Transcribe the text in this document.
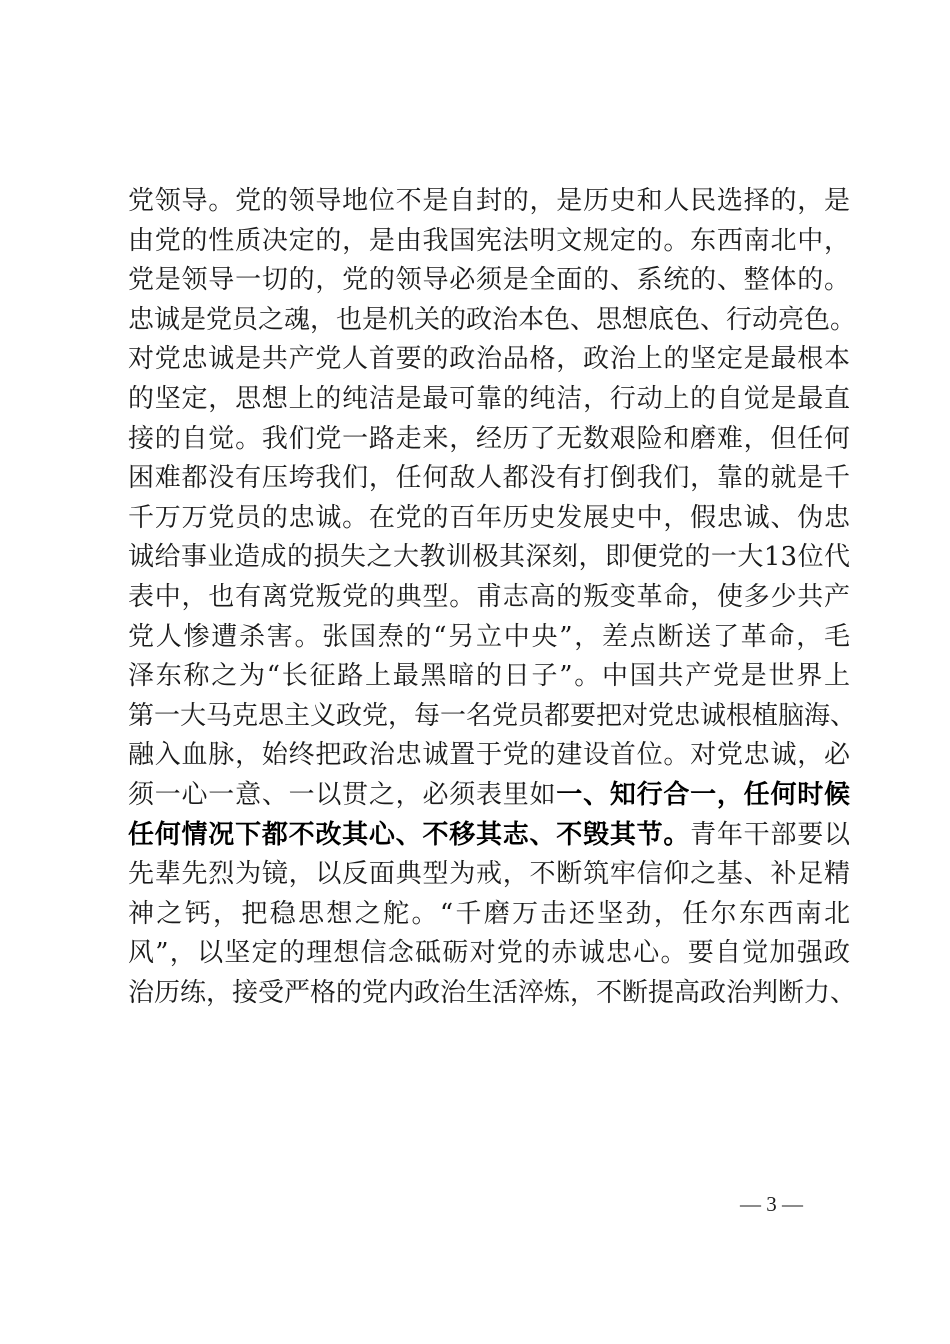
党领导。党的领导地位不是自封的，是历史和人民选择的，是
由党的性质决定的，是由我国宪法明文规定的。东西南北中，
党是领导一切的，党的领导必须是全面的、系统的、整体的。
忠诚是党员之魂，也是机关的政治本色、思想底色、行动亮色。
对党忠诚是共产党人首要的政治品格，政治上的坚定是最根本
的坚定，思想上的纯洁是最可靠的纯洁，行动上的自觉是最直
接的自觉。我们党一路走来，经历了无数艰险和磨难，但任何
困难都没有压垮我们，任何敌人都没有打倒我们，靠的就是千
千万万党员的忠诚。在党的百年历史发展史中，假忠诚、伪忠
诚给事业造成的损失之大教训极其深刻，即便党的一大13位代
表中，也有离党叛党的典型。甫志高的叛变革命，使多少共产
党人惨遭杀害。张国焘的“另立中央”，差点断送了革命，毛
泽东称之为“长征路上最黑暗的日子”。中国共产党是世界上
第一大马克思主义政党，每一名党员都要把对党忠诚根植脑海、
融入血脉，始终把政治忠诚置于党的建设首位。对党忠诚，必
须一心一意、一以贯之，必须表里如一、知行合一，任何时候
任何情况下都不改其心、不移其志、不毁其节。青年干部要以
先辈先烈为镜，以反面典型为戒，不断筑牢信仰之基、补足精
神之钙，把稳思想之舵。“千磨万击还坚劲，任尔东西南北
风”，以坚定的理想信念砥砺对党的赤诚忠心。要自觉加强政
治历练，接受严格的党内政治生活淬炼，不断提高政治判断力、
— 3 —
